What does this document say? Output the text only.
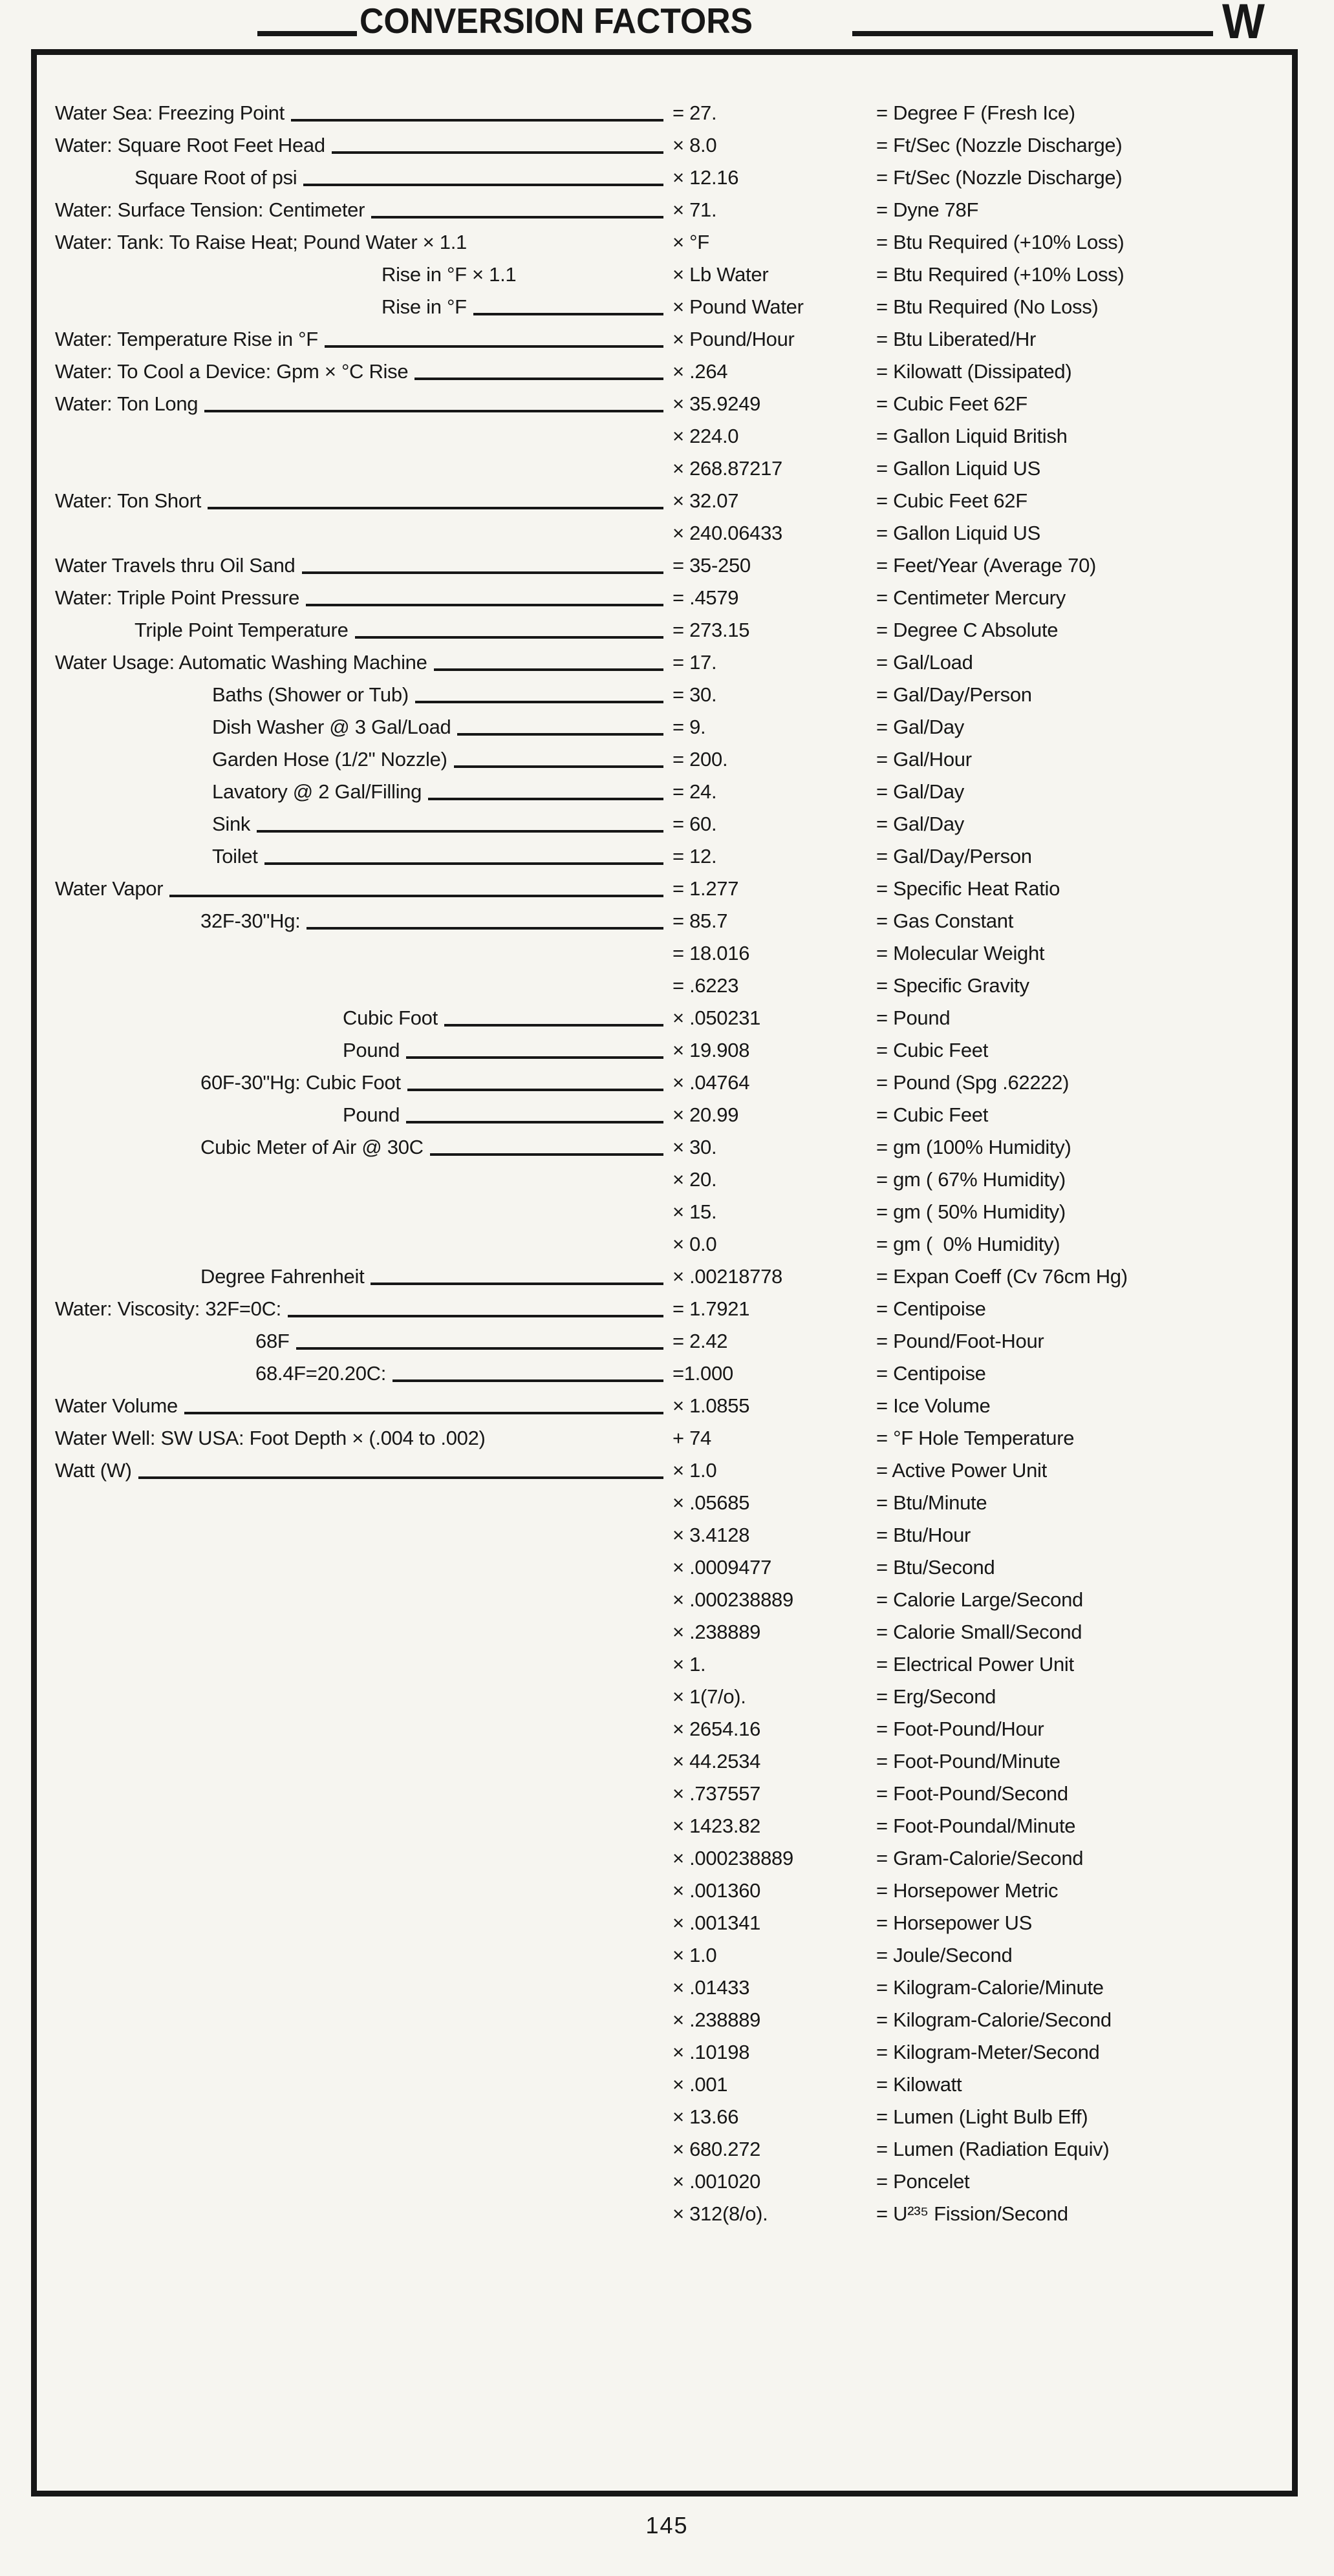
CONVERSION FACTORS	W
Water Sea: Freezing Point	= 27.	= Degree F (Fresh Ice)
Water: Square Root Feet Head	× 8.0	= Ft/Sec (Nozzle Discharge)
Square Root of psi	× 12.16	= Ft/Sec (Nozzle Discharge)
Water: Surface Tension: Centimeter	× 71.	= Dyne 78F
Water: Tank: To Raise Heat; Pound Water × 1.1	× °F	= Btu Required (+10% Loss)
Rise in °F × 1.1	× Lb Water	= Btu Required (+10% Loss)
Rise in °F	× Pound Water	= Btu Required (No Loss)
Water: Temperature Rise in °F	× Pound/Hour	= Btu Liberated/Hr
Water: To Cool a Device: Gpm × °C Rise	× .264	= Kilowatt (Dissipated)
Water: Ton Long	× 35.9249	= Cubic Feet 62F
× 224.0	= Gallon Liquid British
× 268.87217	= Gallon Liquid US
Water: Ton Short	× 32.07	= Cubic Feet 62F
× 240.06433	= Gallon Liquid US
Water Travels thru Oil Sand	= 35-250	= Feet/Year (Average 70)
Water: Triple Point Pressure	= .4579	= Centimeter Mercury
Triple Point Temperature	= 273.15	= Degree C Absolute
Water Usage: Automatic Washing Machine	= 17.	= Gal/Load
Baths (Shower or Tub)	= 30.	= Gal/Day/Person
Dish Washer @ 3 Gal/Load	= 9.	= Gal/Day
Garden Hose (1/2" Nozzle)	= 200.	= Gal/Hour
Lavatory @ 2 Gal/Filling	= 24.	= Gal/Day
Sink	= 60.	= Gal/Day
Toilet	= 12.	= Gal/Day/Person
Water Vapor	= 1.277	= Specific Heat Ratio
32F-30"Hg:	= 85.7	= Gas Constant
= 18.016	= Molecular Weight
= .6223	= Specific Gravity
Cubic Foot	× .050231	= Pound
Pound	× 19.908	= Cubic Feet
60F-30"Hg: Cubic Foot	× .04764	= Pound (Spg .62222)
Pound	× 20.99	= Cubic Feet
Cubic Meter of Air @ 30C	× 30.	= gm (100% Humidity)
× 20.	= gm ( 67% Humidity)
× 15.	= gm ( 50% Humidity)
× 0.0	= gm (  0% Humidity)
Degree Fahrenheit	× .00218778	= Expan Coeff (Cv 76cm Hg)
Water: Viscosity: 32F=0C:	= 1.7921	= Centipoise
68F	= 2.42	= Pound/Foot-Hour
68.4F=20.20C:	=1.000	= Centipoise
Water Volume	× 1.0855	= Ice Volume
Water Well: SW USA: Foot Depth × (.004 to .002)	+ 74	= °F Hole Temperature
Watt (W)	× 1.0	= Active Power Unit
× .05685	= Btu/Minute
× 3.4128	= Btu/Hour
× .0009477	= Btu/Second
× .000238889	= Calorie Large/Second
× .238889	= Calorie Small/Second
× 1.	= Electrical Power Unit
× 1(7/o).	= Erg/Second
× 2654.16	= Foot-Pound/Hour
× 44.2534	= Foot-Pound/Minute
× .737557	= Foot-Pound/Second
× 1423.82	= Foot-Poundal/Minute
× .000238889	= Gram-Calorie/Second
× .001360	= Horsepower Metric
× .001341	= Horsepower US
× 1.0	= Joule/Second
× .01433	= Kilogram-Calorie/Minute
× .238889	= Kilogram-Calorie/Second
× .10198	= Kilogram-Meter/Second
× .001	= Kilowatt
× 13.66	= Lumen (Light Bulb Eff)
× 680.272	= Lumen (Radiation Equiv)
× .001020	= Poncelet
× 312(8/o).	= U²³⁵ Fission/Second
145
